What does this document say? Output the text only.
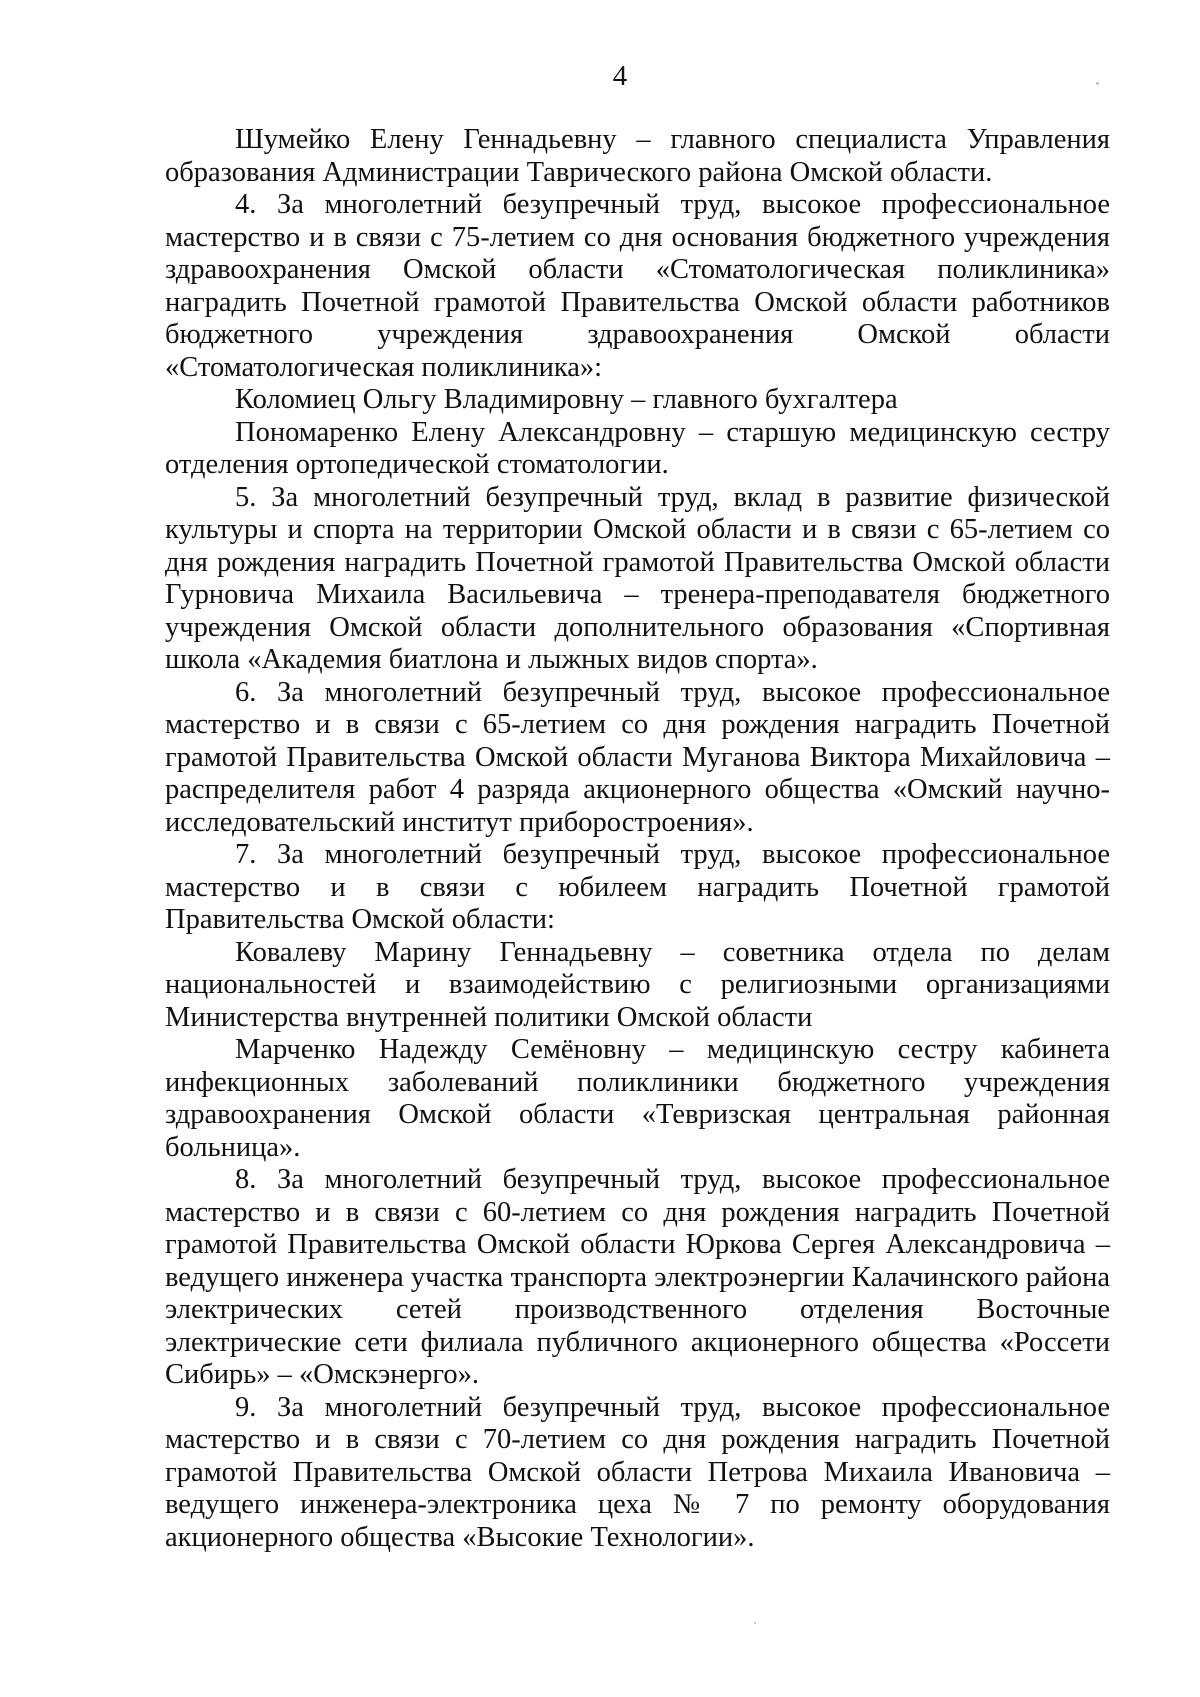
4

Шумейко Елену Геннадьевну – главного специалиста Управления образования Администрации Таврического района Омской области.

4. За многолетний безупречный труд, высокое профессиональное мастерство и в связи с 75-летием со дня основания бюджетного учреждения здравоохранения Омской области «Стоматологическая поликлиника» наградить Почетной грамотой Правительства Омской области работников бюджетного учреждения здравоохранения Омской области «Стоматологическая поликлиника»:

Коломиец Ольгу Владимировну – главного бухгалтера

Пономаренко Елену Александровну – старшую медицинскую сестру отделения ортопедической стоматологии.

5. За многолетний безупречный труд, вклад в развитие физической культуры и спорта на территории Омской области и в связи с 65-летием со дня рождения наградить Почетной грамотой Правительства Омской области Гурновича Михаила Васильевича – тренера-преподавателя бюджетного учреждения Омской области дополнительного образования «Спортивная школа «Академия биатлона и лыжных видов спорта».

6. За многолетний безупречный труд, высокое профессиональное мастерство и в связи с 65-летием со дня рождения наградить Почетной грамотой Правительства Омской области Муганова Виктора Михайловича – распределителя работ 4 разряда акционерного общества «Омский научно-исследовательский институт приборостроения».

7. За многолетний безупречный труд, высокое профессиональное мастерство и в связи с юбилеем наградить Почетной грамотой Правительства Омской области:

Ковалеву Марину Геннадьевну – советника отдела по делам национальностей и взаимодействию с религиозными организациями Министерства внутренней политики Омской области

Марченко Надежду Семёновну – медицинскую сестру кабинета инфекционных заболеваний поликлиники бюджетного учреждения здравоохранения Омской области «Тевризская центральная районная больница».

8. За многолетний безупречный труд, высокое профессиональное мастерство и в связи с 60-летием со дня рождения наградить Почетной грамотой Правительства Омской области Юркова Сергея Александровича – ведущего инженера участка транспорта электроэнергии Калачинского района электрических сетей производственного отделения Восточные электрические сети филиала публичного акционерного общества «Россети Сибирь» – «Омскэнерго».

9. За многолетний безупречный труд, высокое профессиональное мастерство и в связи с 70-летием со дня рождения наградить Почетной грамотой Правительства Омской области Петрова Михаила Ивановича – ведущего инженера-электроника цеха № 7 по ремонту оборудования акционерного общества «Высокие Технологии».
